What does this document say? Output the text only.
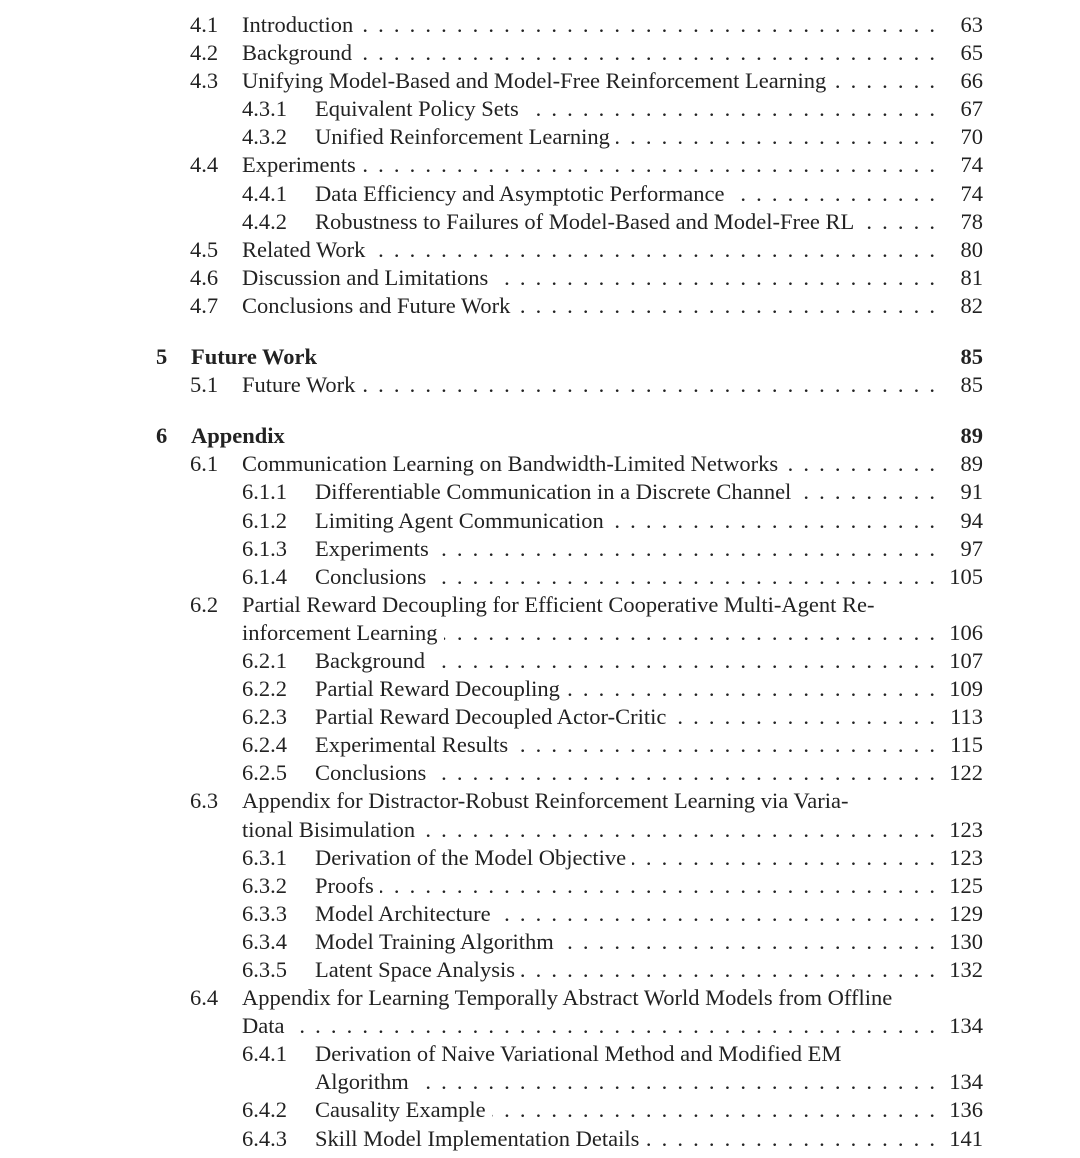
4.1 Introduction . . .	63
4.2 Background . . .	65
4.3 Unifying Model-Based and Model-Free Reinforcement Learning . . .	66
4.3.1 Equivalent Policy Sets . . .	67
4.3.2 Unified Reinforcement Learning . . .	70
4.4 Experiments . . .	74
4.4.1 Data Efficiency and Asymptotic Performance . . .	74
4.4.2 Robustness to Failures of Model-Based and Model-Free RL . . .	78
4.5 Related Work . . .	80
4.6 Discussion and Limitations . . .	81
4.7 Conclusions and Future Work . . .	82
5 Future Work	85
5.1 Future Work . . .	85
6 Appendix	89
6.1 Communication Learning on Bandwidth-Limited Networks . . .	89
6.1.1 Differentiable Communication in a Discrete Channel . . .	91
6.1.2 Limiting Agent Communication . . .	94
6.1.3 Experiments . . .	97
6.1.4 Conclusions . . .	105
6.2 Partial Reward Decoupling for Efficient Cooperative Multi-Agent Re-
inforcement Learning . . .	106
6.2.1 Background . . .	107
6.2.2 Partial Reward Decoupling . . .	109
6.2.3 Partial Reward Decoupled Actor-Critic . . .	113
6.2.4 Experimental Results . . .	115
6.2.5 Conclusions . . .	122
6.3 Appendix for Distractor-Robust Reinforcement Learning via Varia-
tional Bisimulation . . .	123
6.3.1 Derivation of the Model Objective . . .	123
6.3.2 Proofs . . .	125
6.3.3 Model Architecture . . .	129
6.3.4 Model Training Algorithm . . .	130
6.3.5 Latent Space Analysis . . .	132
6.4 Appendix for Learning Temporally Abstract World Models from Offline
Data . . .	134
6.4.1 Derivation of Naive Variational Method and Modified EM
Algorithm . . .	134
6.4.2 Causality Example . . .	136
6.4.3 Skill Model Implementation Details . . .	141
